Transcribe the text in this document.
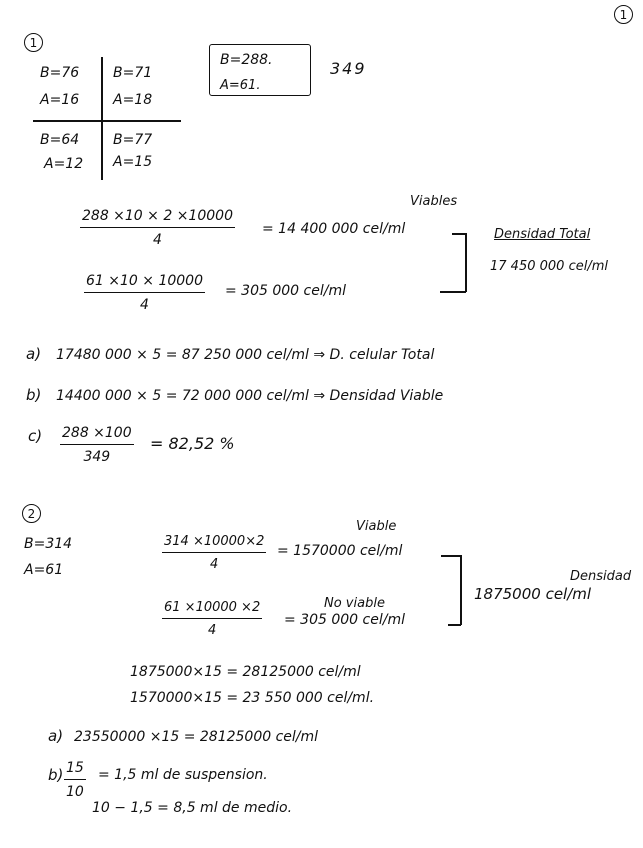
1
1
B=76
A=16
B=71
A=18
B=64
A=12
B=77
A=15
B=288.
A=61.
349
Viables
288 ×10 × 2 ×10000
4
= 14 400 000 cel/ml
61 ×10 × 10000
4
= 305 000 cel/ml
Densidad Total
17 450 000 cel/ml
a) 17480 000 × 5 = 87 250 000 cel/ml ⇒ D. celular Total
b) 14400 000 × 5 = 72 000 000 cel/ml ⇒ Densidad Viable
c) 288 ×100
349
= 82,52 %
2
B=314
A=61
Viable
314 ×10000×2
4
= 1570000 cel/ml
No viable
61 ×10000 ×2
4
= 305 000 cel/ml
Densidad
1875000 cel/ml
1875000×15 = 28125000 cel/ml
1570000×15 = 23 550 000 cel/ml.
a) 23550000 ×15 = 28125000 cel/ml
b) 15
10
= 1,5 ml de suspension.
10 − 1,5 = 8,5 ml de medio.
